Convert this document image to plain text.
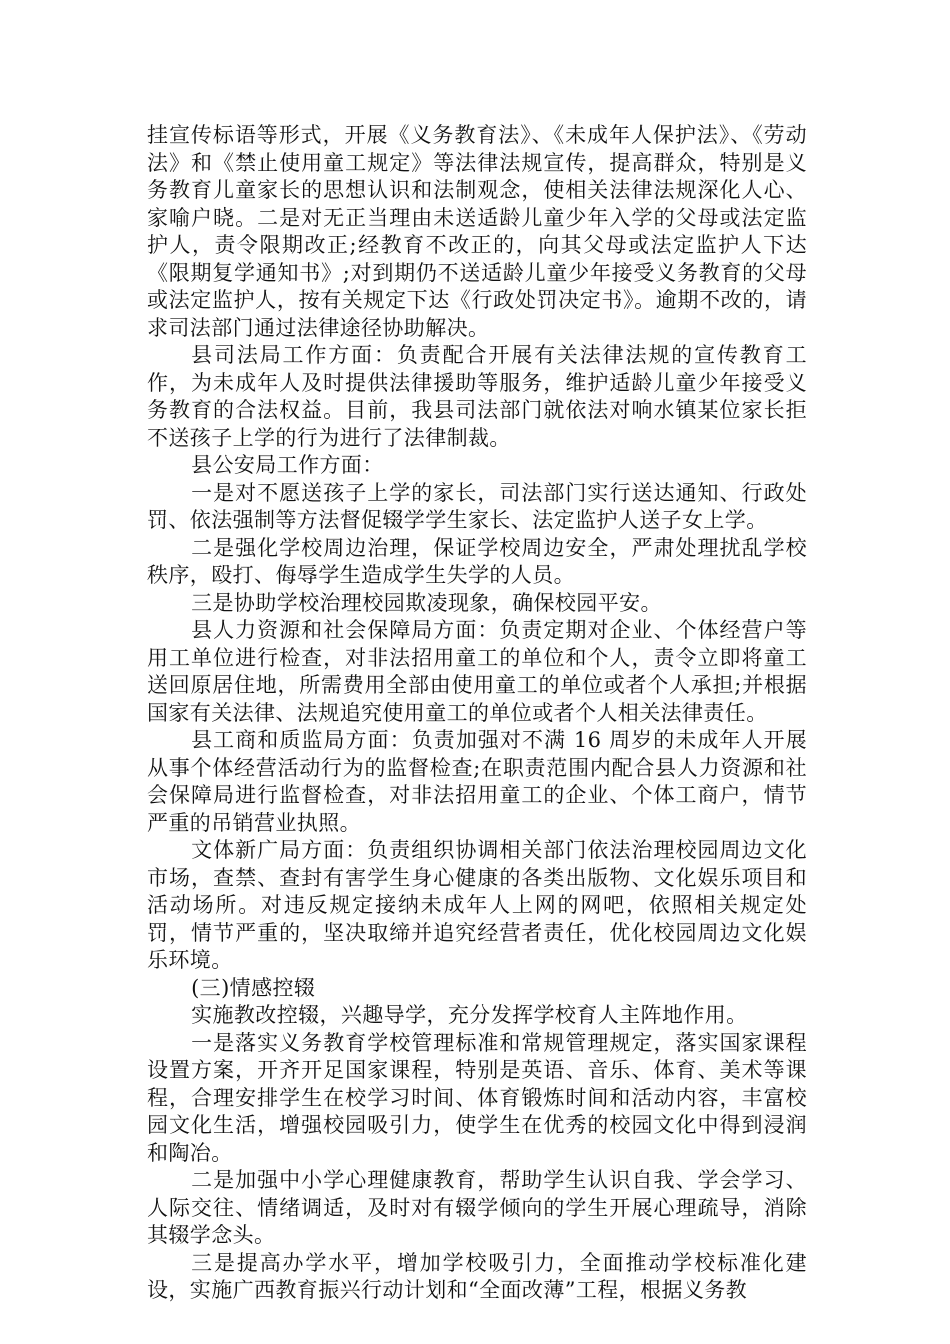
挂宣传标语等形式，开展《义务教育法》、《未成年人保护法》、《劳动法》和《禁止使用童工规定》等法律法规宣传，提高群众，特别是义务教育儿童家长的思想认识和法制观念，使相关法律法规深化人心、家喻户晓。二是对无正当理由未送适龄儿童少年入学的父母或法定监护人，责令限期改正;经教育不改正的，向其父母或法定监护人下达《限期复学通知书》;对到期仍不送适龄儿童少年接受义务教育的父母或法定监护人，按有关规定下达《行政处罚决定书》。逾期不改的，请求司法部门通过法律途径协助解决。

县司法局工作方面：负责配合开展有关法律法规的宣传教育工作，为未成年人及时提供法律援助等服务，维护适龄儿童少年接受义务教育的合法权益。目前，我县司法部门就依法对响水镇某位家长拒不送孩子上学的行为进行了法律制裁。

县公安局工作方面：

一是对不愿送孩子上学的家长，司法部门实行送达通知、行政处罚、依法强制等方法督促辍学学生家长、法定监护人送子女上学。

二是强化学校周边治理，保证学校周边安全，严肃处理扰乱学校秩序，殴打、侮辱学生造成学生失学的人员。

三是协助学校治理校园欺凌现象，确保校园平安。

县人力资源和社会保障局方面：负责定期对企业、个体经营户等用工单位进行检查，对非法招用童工的单位和个人，责令立即将童工送回原居住地，所需费用全部由使用童工的单位或者个人承担;并根据国家有关法律、法规追究使用童工的单位或者个人相关法律责任。

县工商和质监局方面：负责加强对不满 16 周岁的未成年人开展从事个体经营活动行为的监督检查;在职责范围内配合县人力资源和社会保障局进行监督检查，对非法招用童工的企业、个体工商户，情节严重的吊销营业执照。

文体新广局方面：负责组织协调相关部门依法治理校园周边文化市场，查禁、查封有害学生身心健康的各类出版物、文化娱乐项目和活动场所。对违反规定接纳未成年人上网的网吧，依照相关规定处罚，情节严重的，坚决取缔并追究经营者责任，优化校园周边文化娱乐环境。

(三)情感控辍

实施教改控辍，兴趣导学，充分发挥学校育人主阵地作用。

一是落实义务教育学校管理标准和常规管理规定，落实国家课程设置方案，开齐开足国家课程，特别是英语、音乐、体育、美术等课程，合理安排学生在校学习时间、体育锻炼时间和活动内容，丰富校园文化生活，增强校园吸引力，使学生在优秀的校园文化中得到浸润和陶冶。

二是加强中小学心理健康教育，帮助学生认识自我、学会学习、人际交往、情绪调适，及时对有辍学倾向的学生开展心理疏导，消除其辍学念头。

三是提高办学水平，增加学校吸引力，全面推动学校标准化建设，实施广西教育振兴行动计划和“全面改薄”工程，根据义务教
